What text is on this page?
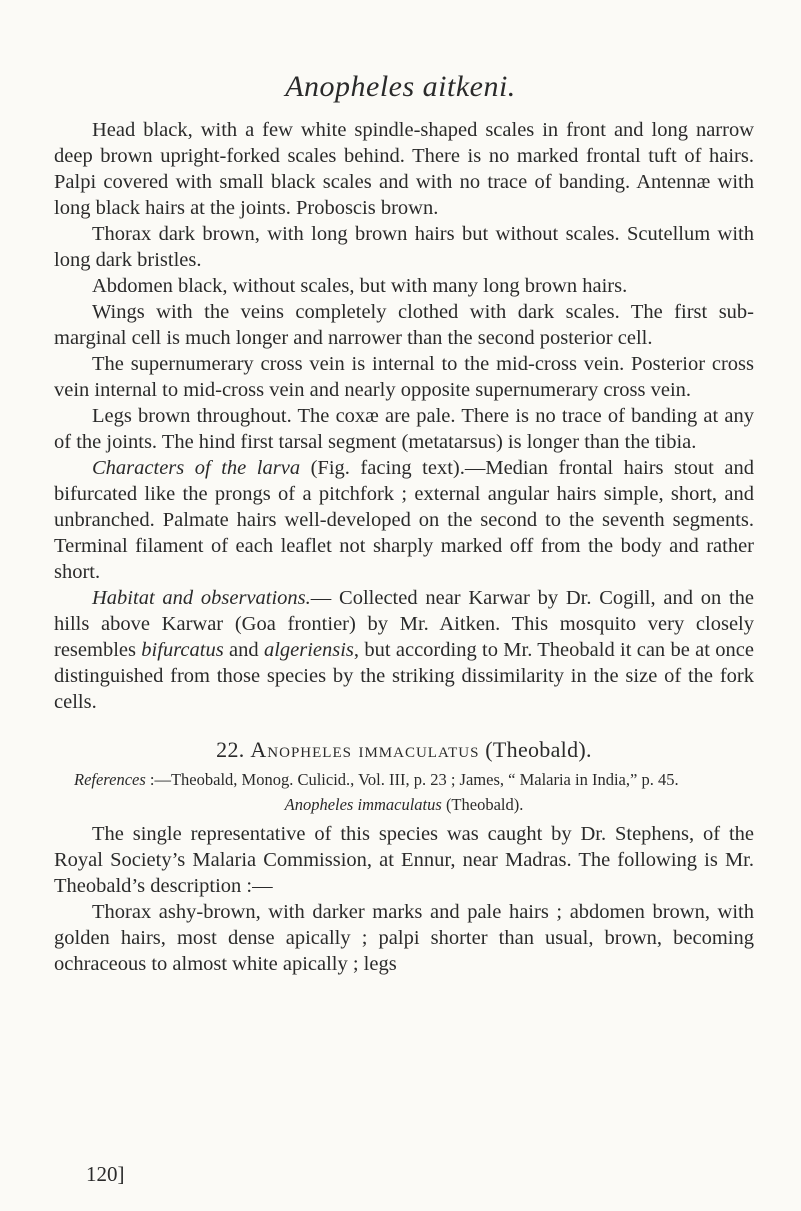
Anopheles aitkeni.

Head black, with a few white spindle-shaped scales in front and long narrow deep brown upright-forked scales behind. There is no marked frontal tuft of hairs. Palpi covered with small black scales and with no trace of banding. Antennæ with long black hairs at the joints. Proboscis brown.

Thorax dark brown, with long brown hairs but without scales. Scutellum with long dark bristles.

Abdomen black, without scales, but with many long brown hairs.

Wings with the veins completely clothed with dark scales. The first sub-marginal cell is much longer and narrower than the second posterior cell.

The supernumerary cross vein is internal to the mid-cross vein. Posterior cross vein internal to mid-cross vein and nearly opposite supernumerary cross vein.

Legs brown throughout. The coxæ are pale. There is no trace of banding at any of the joints. The hind first tarsal segment (metatarsus) is longer than the tibia.

Characters of the larva (Fig. facing text).—Median frontal hairs stout and bifurcated like the prongs of a pitchfork ; external angular hairs simple, short, and unbranched. Palmate hairs well-developed on the second to the seventh segments. Terminal filament of each leaflet not sharply marked off from the body and rather short.

Habitat and observations.— Collected near Karwar by Dr. Cogill, and on the hills above Karwar (Goa frontier) by Mr. Aitken. This mosquito very closely resembles bifurcatus and algeriensis, but according to Mr. Theobald it can be at once distinguished from those species by the striking dissimilarity in the size of the fork cells.

22. Anopheles immaculatus (Theobald).
References :—Theobald, Monog. Culicid., Vol. III, p. 23 ; James, “ Malaria in India,” p. 45.
Anopheles immaculatus (Theobald).

The single representative of this species was caught by Dr. Stephens, of the Royal Society’s Malaria Commission, at Ennur, near Madras. The following is Mr. Theobald’s description :—

Thorax ashy-brown, with darker marks and pale hairs ; abdomen brown, with golden hairs, most dense apically ; palpi shorter than usual, brown, becoming ochraceous to almost white apically ; legs

120]
